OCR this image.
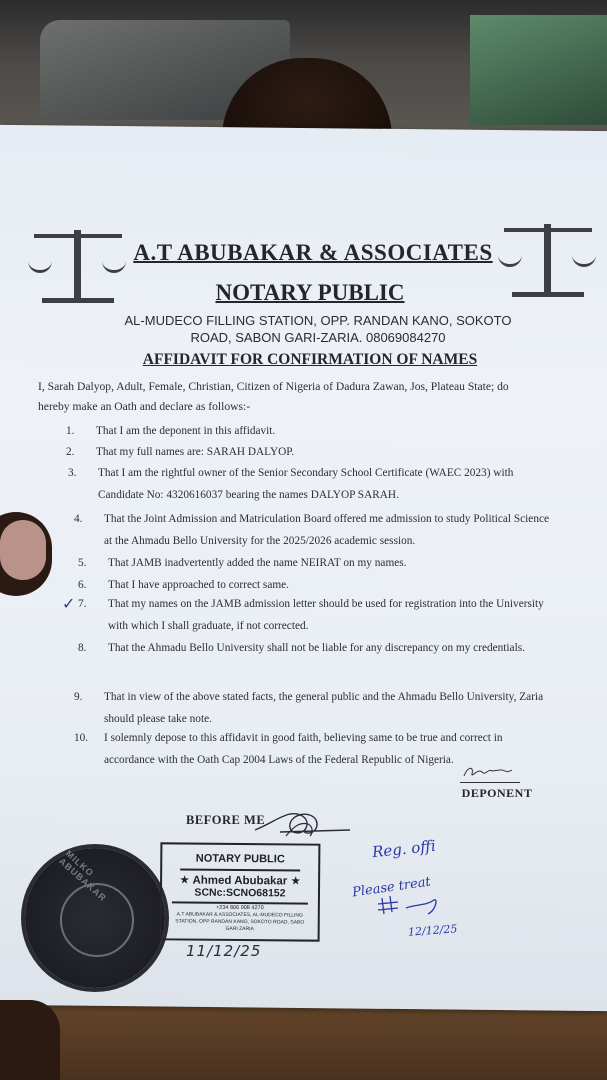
A.T ABUBAKAR & ASSOCIATES
NOTARY PUBLIC
AL-MUDECO FILLING STATION, OPP. RANDAN KANO, SOKOTO
ROAD, SABON GARI-ZARIA. 08069084270
AFFIDAVIT FOR CONFIRMATION OF NAMES
I, Sarah Dalyop, Adult, Female, Christian, Citizen of Nigeria of Dadura Zawan, Jos, Plateau State; do hereby make an Oath and declare as follows:-
1.	That I am the deponent in this affidavit.
2.	That my full names are: SARAH DALYOP.
3.	That I am the rightful owner of the Senior Secondary School Certificate (WAEC 2023) with Candidate No: 4320616037 bearing the names DALYOP SARAH.
4.	That the Joint Admission and Matriculation Board offered me admission to study Political Science at the Ahmadu Bello University for the 2025/2026 academic session.
5.	That JAMB inadvertently added the name NEIRAT on my names.
6.	That I have approached to correct same.
✓ 7.	That my names on the JAMB admission letter should be used for registration into the University with which I shall graduate, if not corrected.
8.	That the Ahmadu Bello University shall not be liable for any discrepancy on my credentials.
9.	That in view of the above stated facts, the general public and the Ahmadu Bello University, Zaria should please take note.
10.	I solemnly depose to this affidavit in good faith, believing same to be true and correct in accordance with the Oath Cap 2004 Laws of the Federal Republic of Nigeria.
DEPONENT
BEFORE ME
MILKO ABUBAKAR	NOTARY PUBLIC
★ Ahmed Abubakar ★
SCNc:SCNO68152
+234 806 908 4270
A.T ABUBAKAR & ASSOCIATES, AL-MUDECO FILLING STATION, OPP RANDAN KANO, SOKOTO ROAD, SABO GARI ZARIA
11/12/25
Reg. offi
Please treat
12/12/25
